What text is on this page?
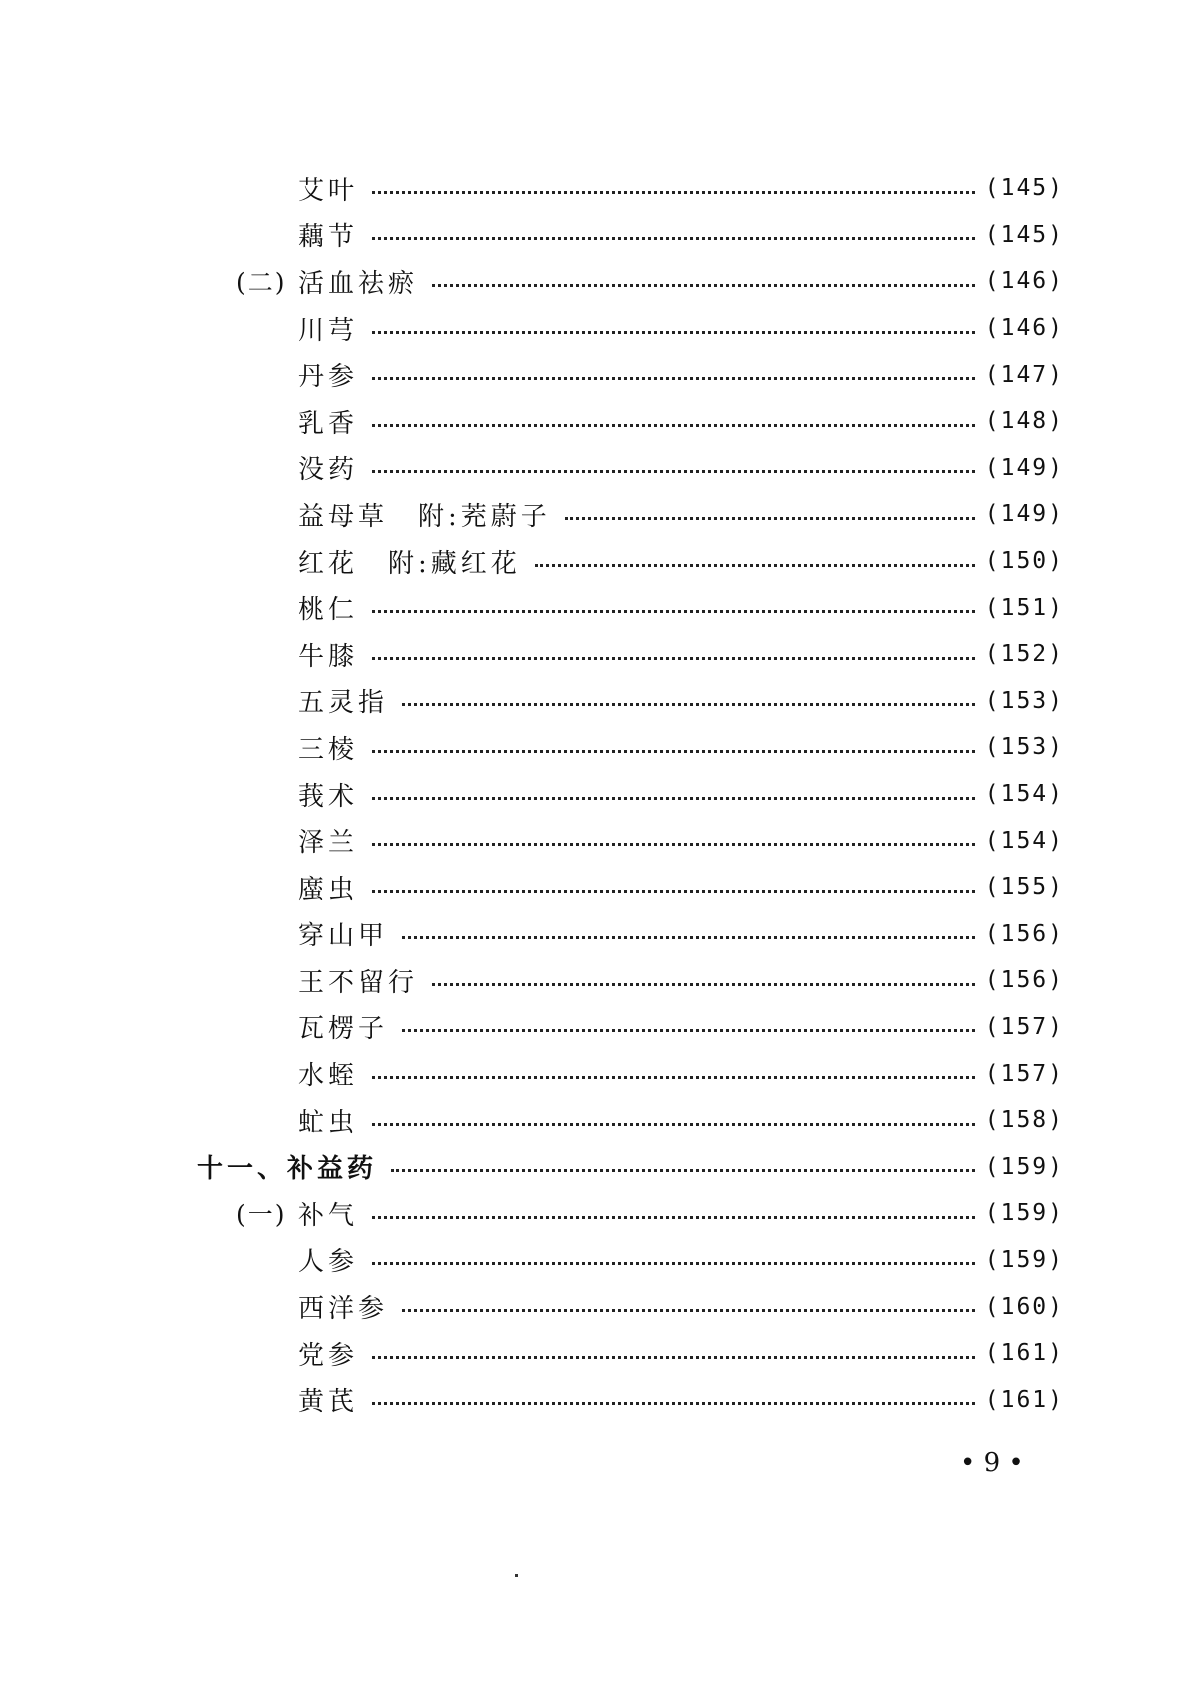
艾叶	(145)
藕节	(145)
(二) 活血祛瘀	(146)
川芎	(146)
丹参	(147)
乳香	(148)
没药	(149)
益母草　附:茺蔚子	(149)
红花　附:藏红花	(150)
桃仁	(151)
牛膝	(152)
五灵指	(153)
三棱	(153)
莪术	(154)
泽兰	(154)
䗪虫	(155)
穿山甲	(156)
王不留行	(156)
瓦楞子	(157)
水蛭	(157)
虻虫	(158)
十一、补益药	(159)
(一) 补气	(159)
人参	(159)
西洋参	(160)
党参	(161)
黄芪	(161)
• 9 •
